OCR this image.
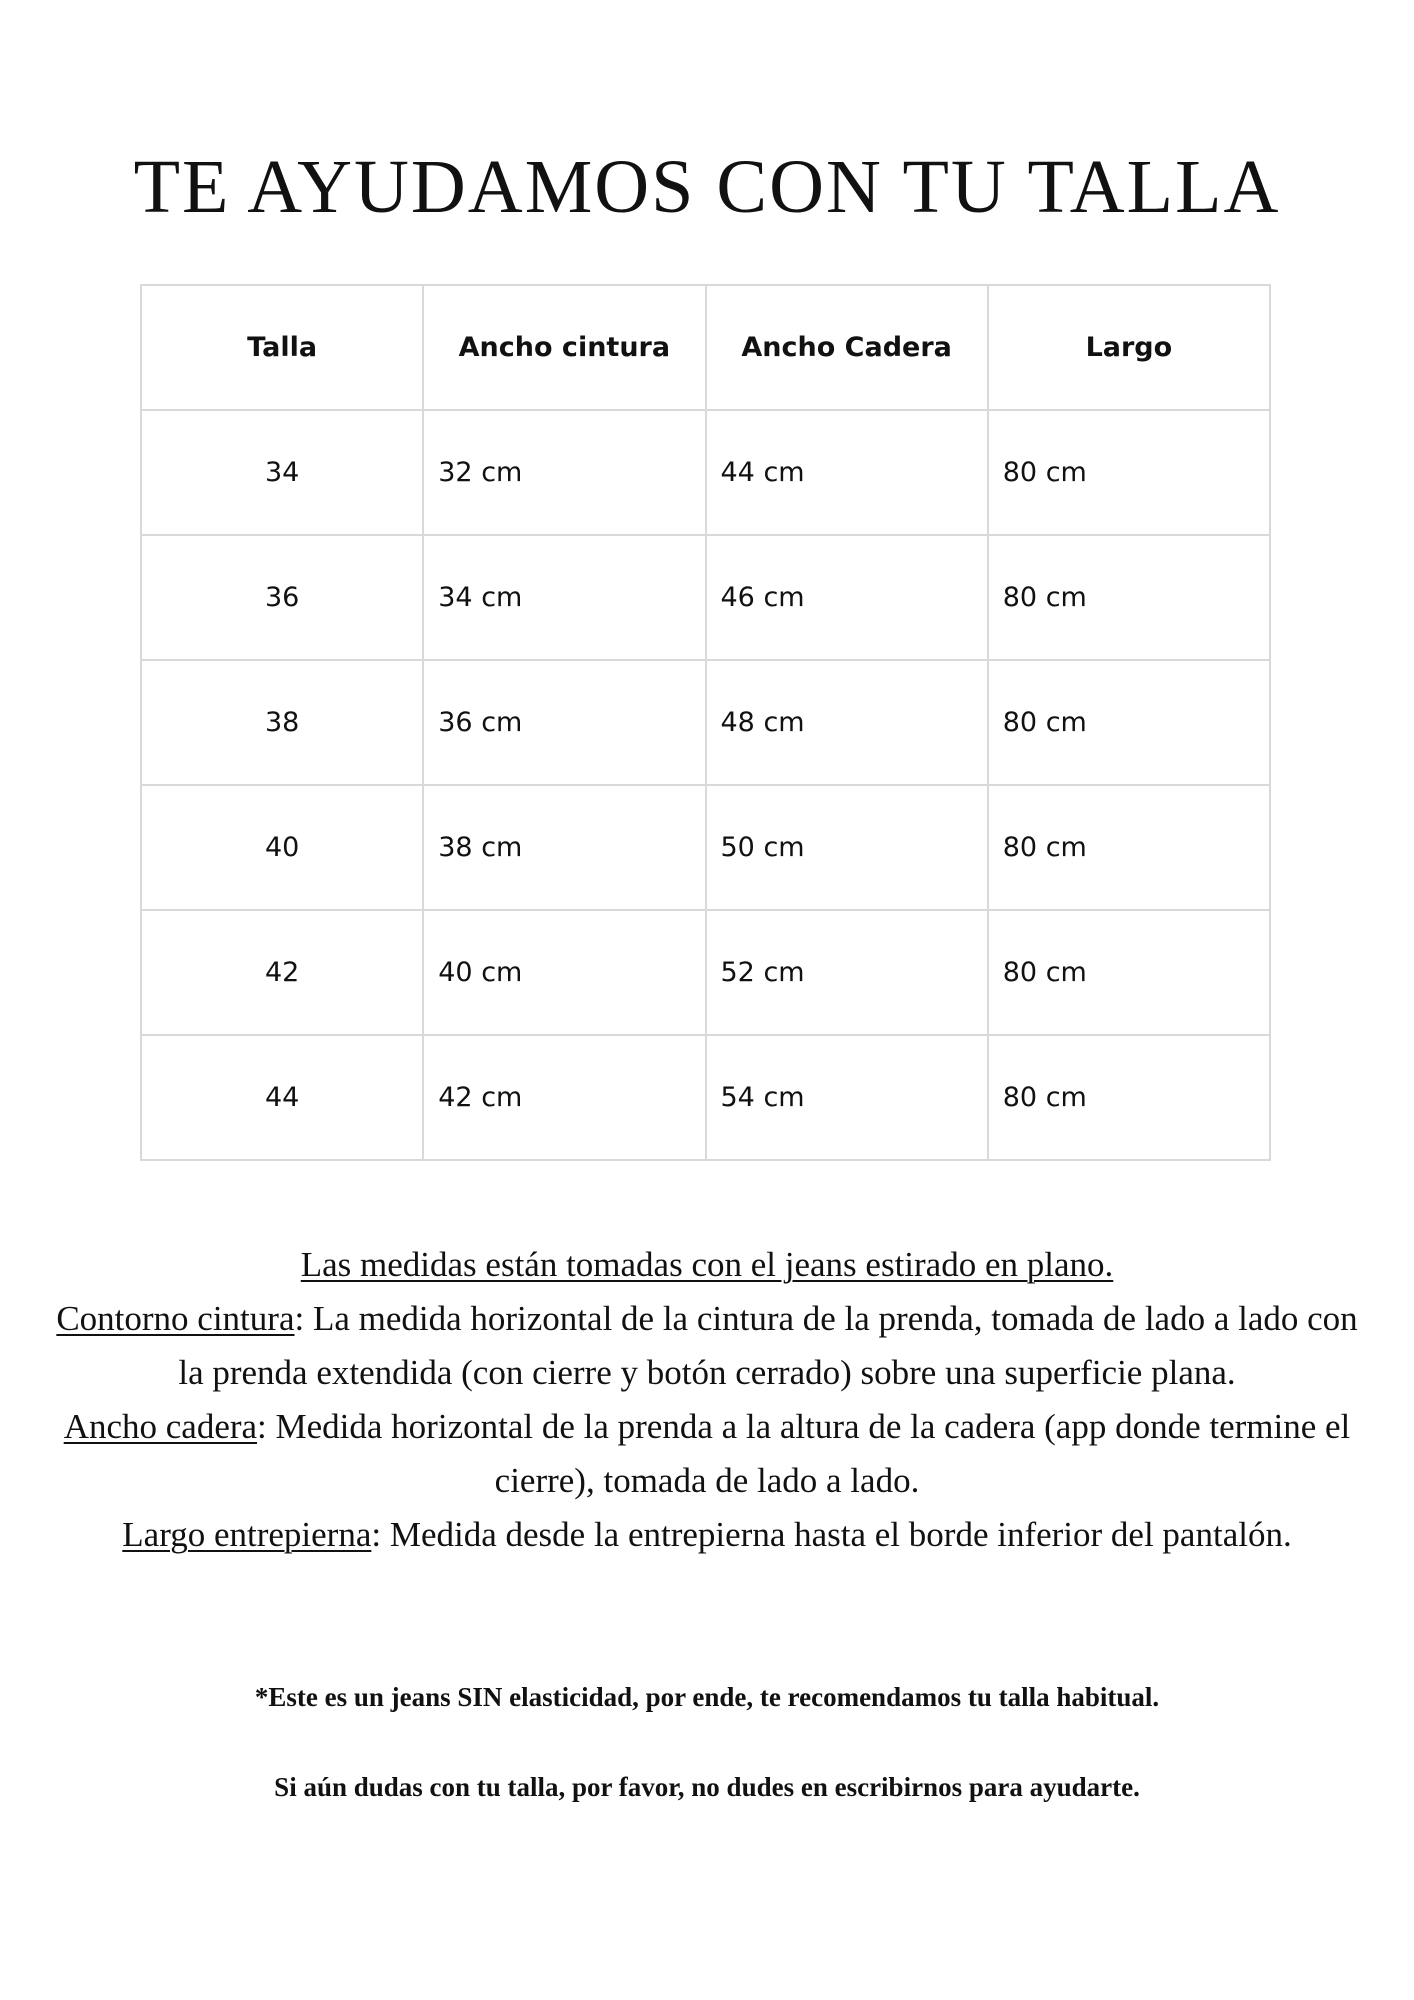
TE AYUDAMOS CON TU TALLA
Talla	Ancho cintura	Ancho Cadera	Largo
34	32 cm	44 cm	80 cm
36	34 cm	46 cm	80 cm
38	36 cm	48 cm	80 cm
40	38 cm	50 cm	80 cm
42	40 cm	52 cm	80 cm
44	42 cm	54 cm	80 cm

Las medidas están tomadas con el jeans estirado en plano.

Contorno cintura: La medida horizontal de la cintura de la prenda, tomada de lado a lado con la prenda extendida (con cierre y botón cerrado) sobre una superficie plana.

Ancho cadera: Medida horizontal de la prenda a la altura de la cadera (app donde termine el cierre), tomada de lado a lado.

Largo entrepierna: Medida desde la entrepierna hasta el borde inferior del pantalón.

*Este es un jeans SIN elasticidad, por ende, te recomendamos tu talla habitual.

Si aún dudas con tu talla, por favor, no dudes en escribirnos para ayudarte.
